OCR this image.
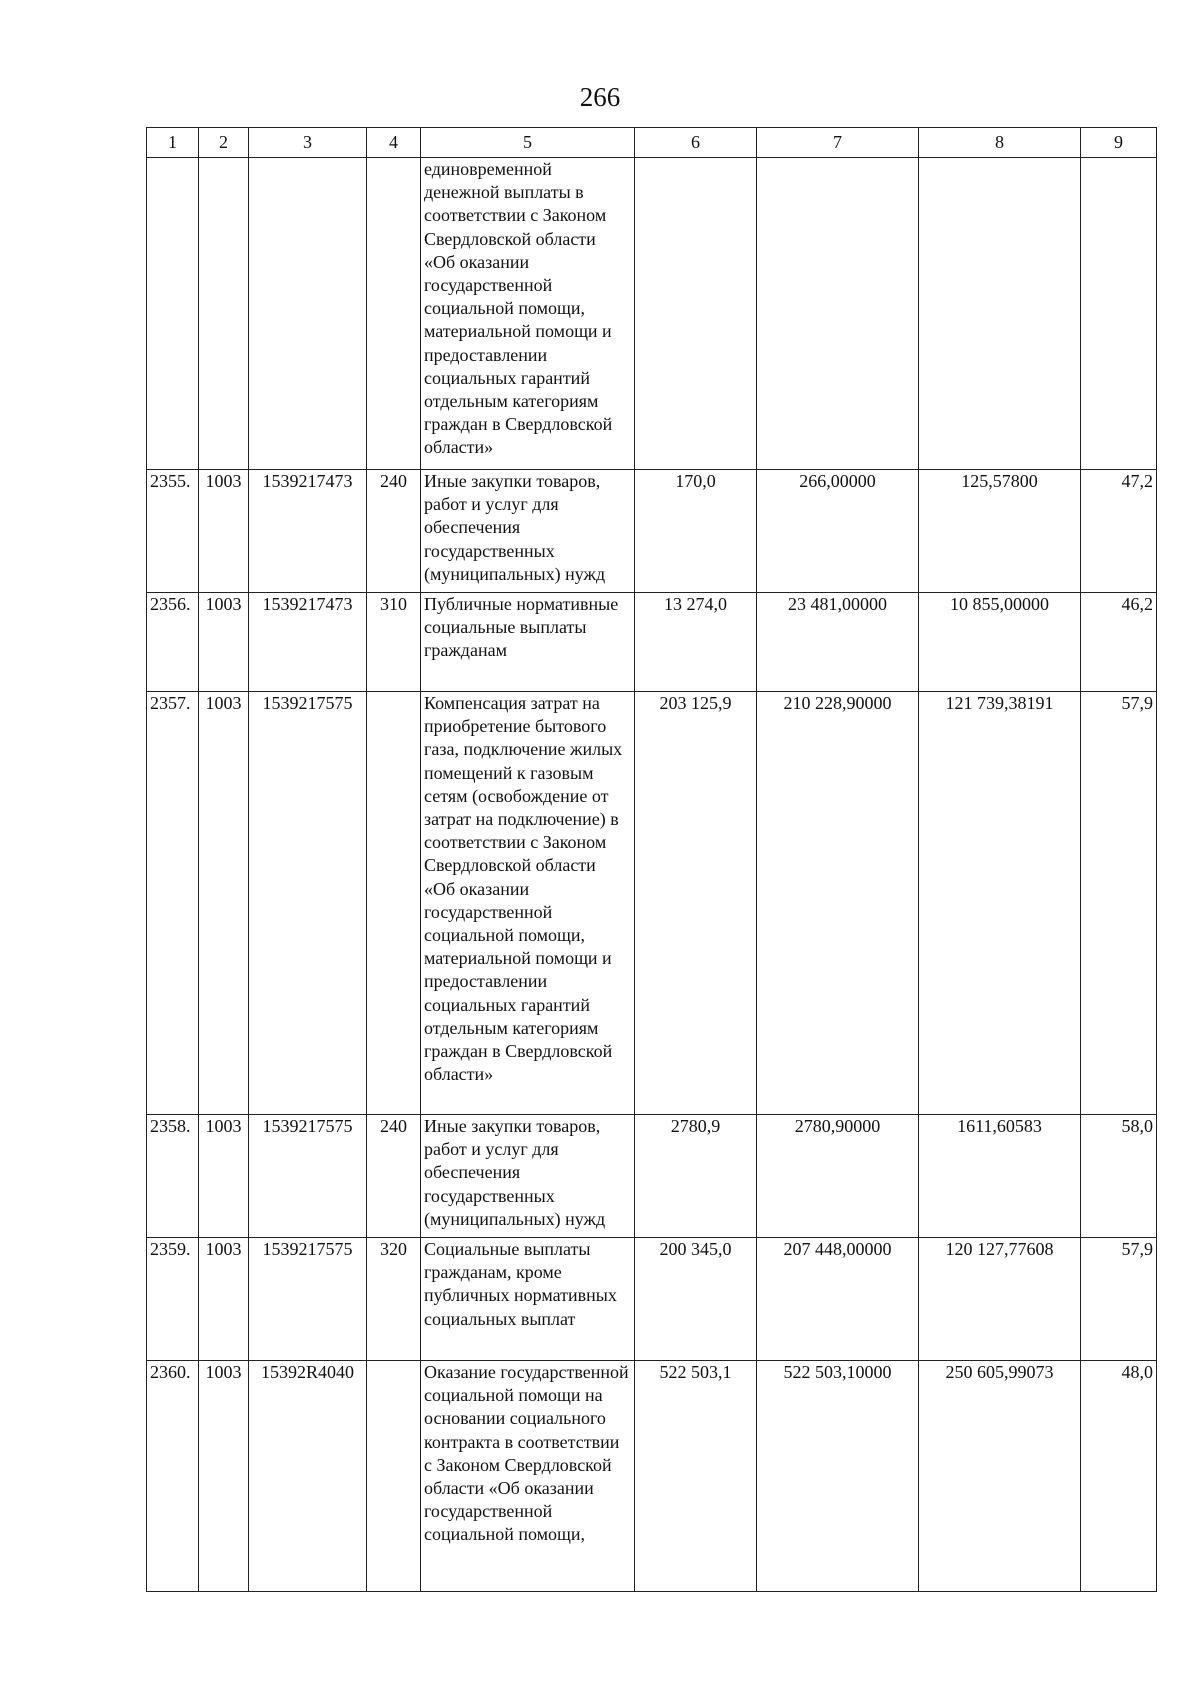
266
1	2	3	4	5	6	7	8	9
				единовременной денежной выплаты в соответствии с Законом Свердловской области «Об оказании государственной социальной помощи, материальной помощи и предоставлении социальных гарантий отдельным категориям граждан в Свердловской области»				
2355.	1003	1539217473	240	Иные закупки товаров, работ и услуг для обеспечения государственных (муниципальных) нужд	170,0	266,00000	125,57800	47,2
2356.	1003	1539217473	310	Публичные нормативные социальные выплаты гражданам	13 274,0	23 481,00000	10 855,00000	46,2
2357.	1003	1539217575		Компенсация затрат на приобретение бытового газа, подключение жилых помещений к газовым сетям (освобождение от затрат на подключение) в соответствии с Законом Свердловской области «Об оказании государственной социальной помощи, материальной помощи и предоставлении социальных гарантий отдельным категориям граждан в Свердловской области»	203 125,9	210 228,90000	121 739,38191	57,9
2358.	1003	1539217575	240	Иные закупки товаров, работ и услуг для обеспечения государственных (муниципальных) нужд	2780,9	2780,90000	1611,60583	58,0
2359.	1003	1539217575	320	Социальные выплаты гражданам, кроме публичных нормативных социальных выплат	200 345,0	207 448,00000	120 127,77608	57,9
2360.	1003	15392R4040		Оказание государственной социальной помощи на основании социального контракта в соответствии с Законом Свердловской области «Об оказании государственной социальной помощи,	522 503,1	522 503,10000	250 605,99073	48,0
